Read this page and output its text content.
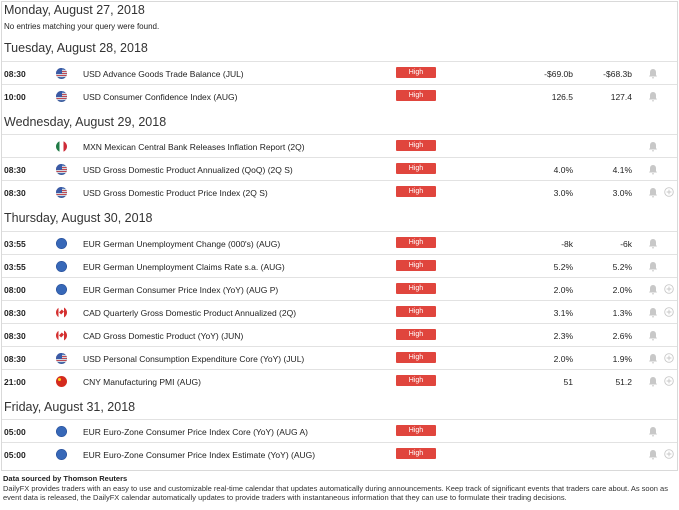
Monday, August 27, 2018
No entries matching your query were found.
Tuesday, August 28, 2018
08:30	USD Advance Goods Trade Balance (JUL)	High	-$69.0b	-$68.3b
10:00	USD Consumer Confidence Index (AUG)	High	126.5	127.4
Wednesday, August 29, 2018
MXN Mexican Central Bank Releases Inflation Report (2Q)	High
08:30	USD Gross Domestic Product Annualized (QoQ) (2Q S)	High	4.0%	4.1%
08:30	USD Gross Domestic Product Price Index (2Q S)	High	3.0%	3.0%
Thursday, August 30, 2018
03:55	EUR German Unemployment Change (000's) (AUG)	High	-8k	-6k
03:55	EUR German Unemployment Claims Rate s.a. (AUG)	High	5.2%	5.2%
08:00	EUR German Consumer Price Index (YoY) (AUG P)	High	2.0%	2.0%
08:30	CAD Quarterly Gross Domestic Product Annualized (2Q)	High	3.1%	1.3%
08:30	CAD Gross Domestic Product (YoY) (JUN)	High	2.3%	2.6%
08:30	USD Personal Consumption Expenditure Core (YoY) (JUL)	High	2.0%	1.9%
21:00	CNY Manufacturing PMI (AUG)	High	51	51.2
Friday, August 31, 2018
05:00	EUR Euro-Zone Consumer Price Index Core (YoY) (AUG A)	High
05:00	EUR Euro-Zone Consumer Price Index Estimate (YoY) (AUG)	High
Data sourced by Thomson Reuters
DailyFX provides traders with an easy to use and customizable real-time calendar that updates automatically during announcements. Keep track of significant events that traders care about. As soon as event data is released, the DailyFX calendar automatically updates to provide traders with instantaneous information that they can use to formulate their trading decisions.
